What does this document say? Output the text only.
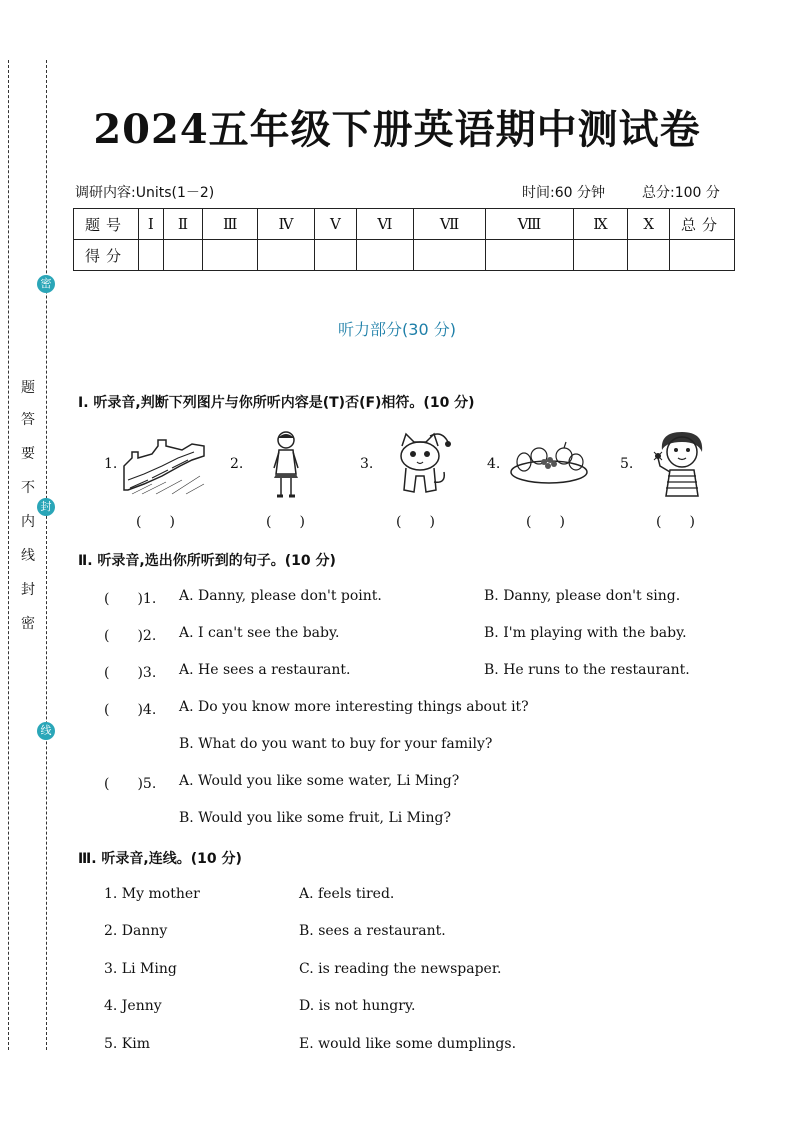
密
封
线
题
答
要
不
内
线
封
密
2024五年级下册英语期中测试卷
调研内容:Units(1－2)	时间:60 分钟	总分:100 分
题号	Ⅰ	Ⅱ	Ⅲ	Ⅳ	Ⅴ	Ⅵ	Ⅶ	Ⅷ	Ⅸ	Ⅹ	总分
得分											
听力部分(30 分)
Ⅰ. 听录音,判断下列图片与你所听内容是(T)否(F)相符。(10 分)
1.	2.	3.	4.	5.
(　　)	(　　)	(　　)	(　　)	(　　)
Ⅱ. 听录音,选出你所听到的句子。(10 分)
(　　)1. A. Danny, please don't point.	B. Danny, please don't sing.
(　　)2. A. I can't see the baby.	B. I'm playing with the baby.
(　　)3. A. He sees a restaurant.	B. He runs to the restaurant.
(　　)4. A. Do you know more interesting things about it?
B. What do you want to buy for your family?
(　　)5. A. Would you like some water, Li Ming?
B. Would you like some fruit, Li Ming?
Ⅲ. 听录音,连线。(10 分)
1. My mother	A. feels tired.
2. Danny	B. sees a restaurant.
3. Li Ming	C. is reading the newspaper.
4. Jenny	D. is not hungry.
5. Kim	E. would like some dumplings.
